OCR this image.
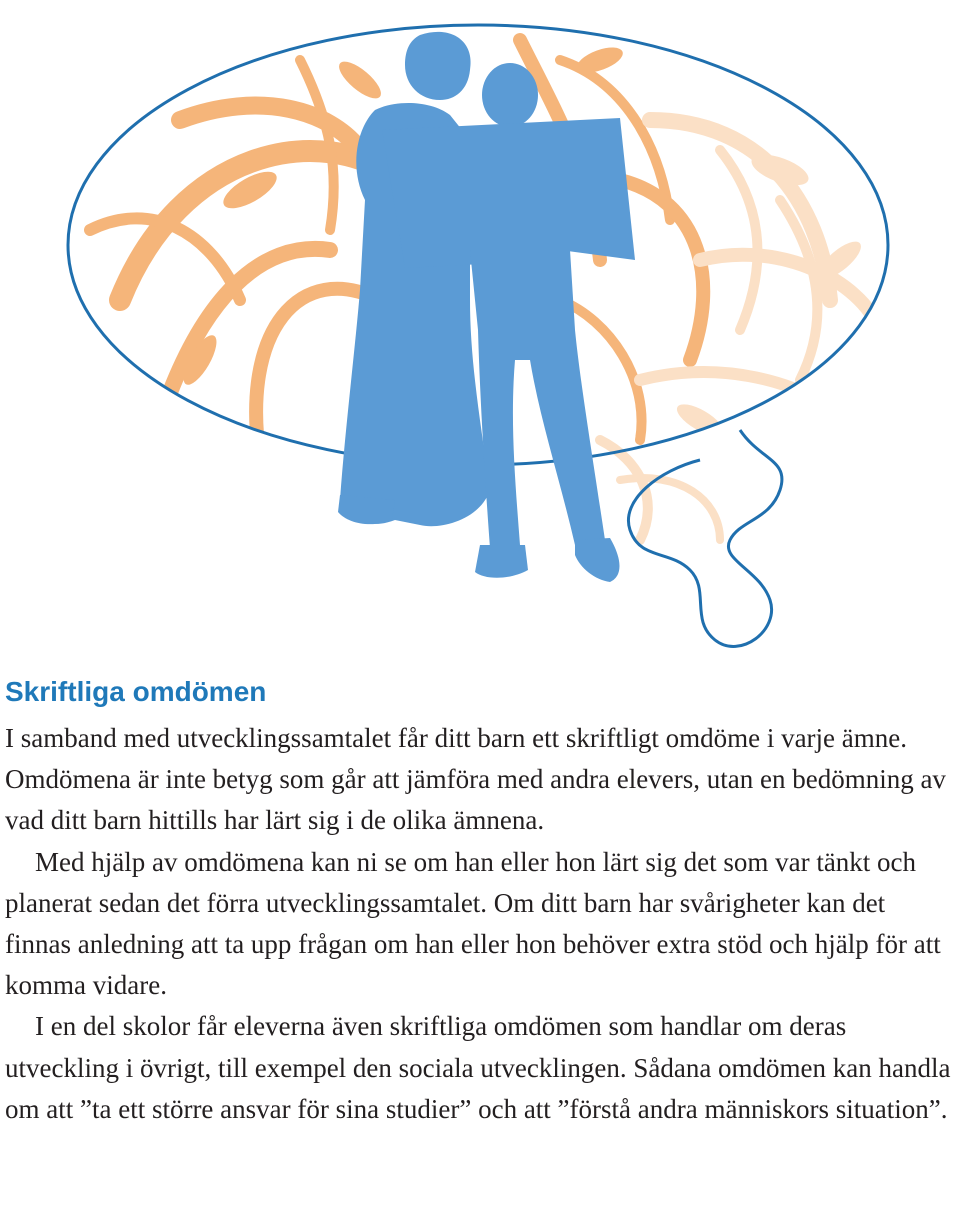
Skriftliga omdömen

I samband med utvecklingssamtalet får ditt barn ett skriftligt omdöme i varje ämne. Omdömena är inte betyg som går att jämföra med andra elevers, utan en bedömning av vad ditt barn hittills har lärt sig i de olika ämnena.

Med hjälp av omdömena kan ni se om han eller hon lärt sig det som var tänkt och planerat sedan det förra utvecklingssamtalet. Om ditt barn har svårigheter kan det finnas anledning att ta upp frågan om han eller hon behöver extra stöd och hjälp för att komma vidare.

I en del skolor får eleverna även skriftliga omdömen som handlar om deras utveckling i övrigt, till exempel den sociala utvecklingen. Sådana omdömen kan handla om att ”ta ett större ansvar för sina studier” och att ”förstå andra människors situation”.
